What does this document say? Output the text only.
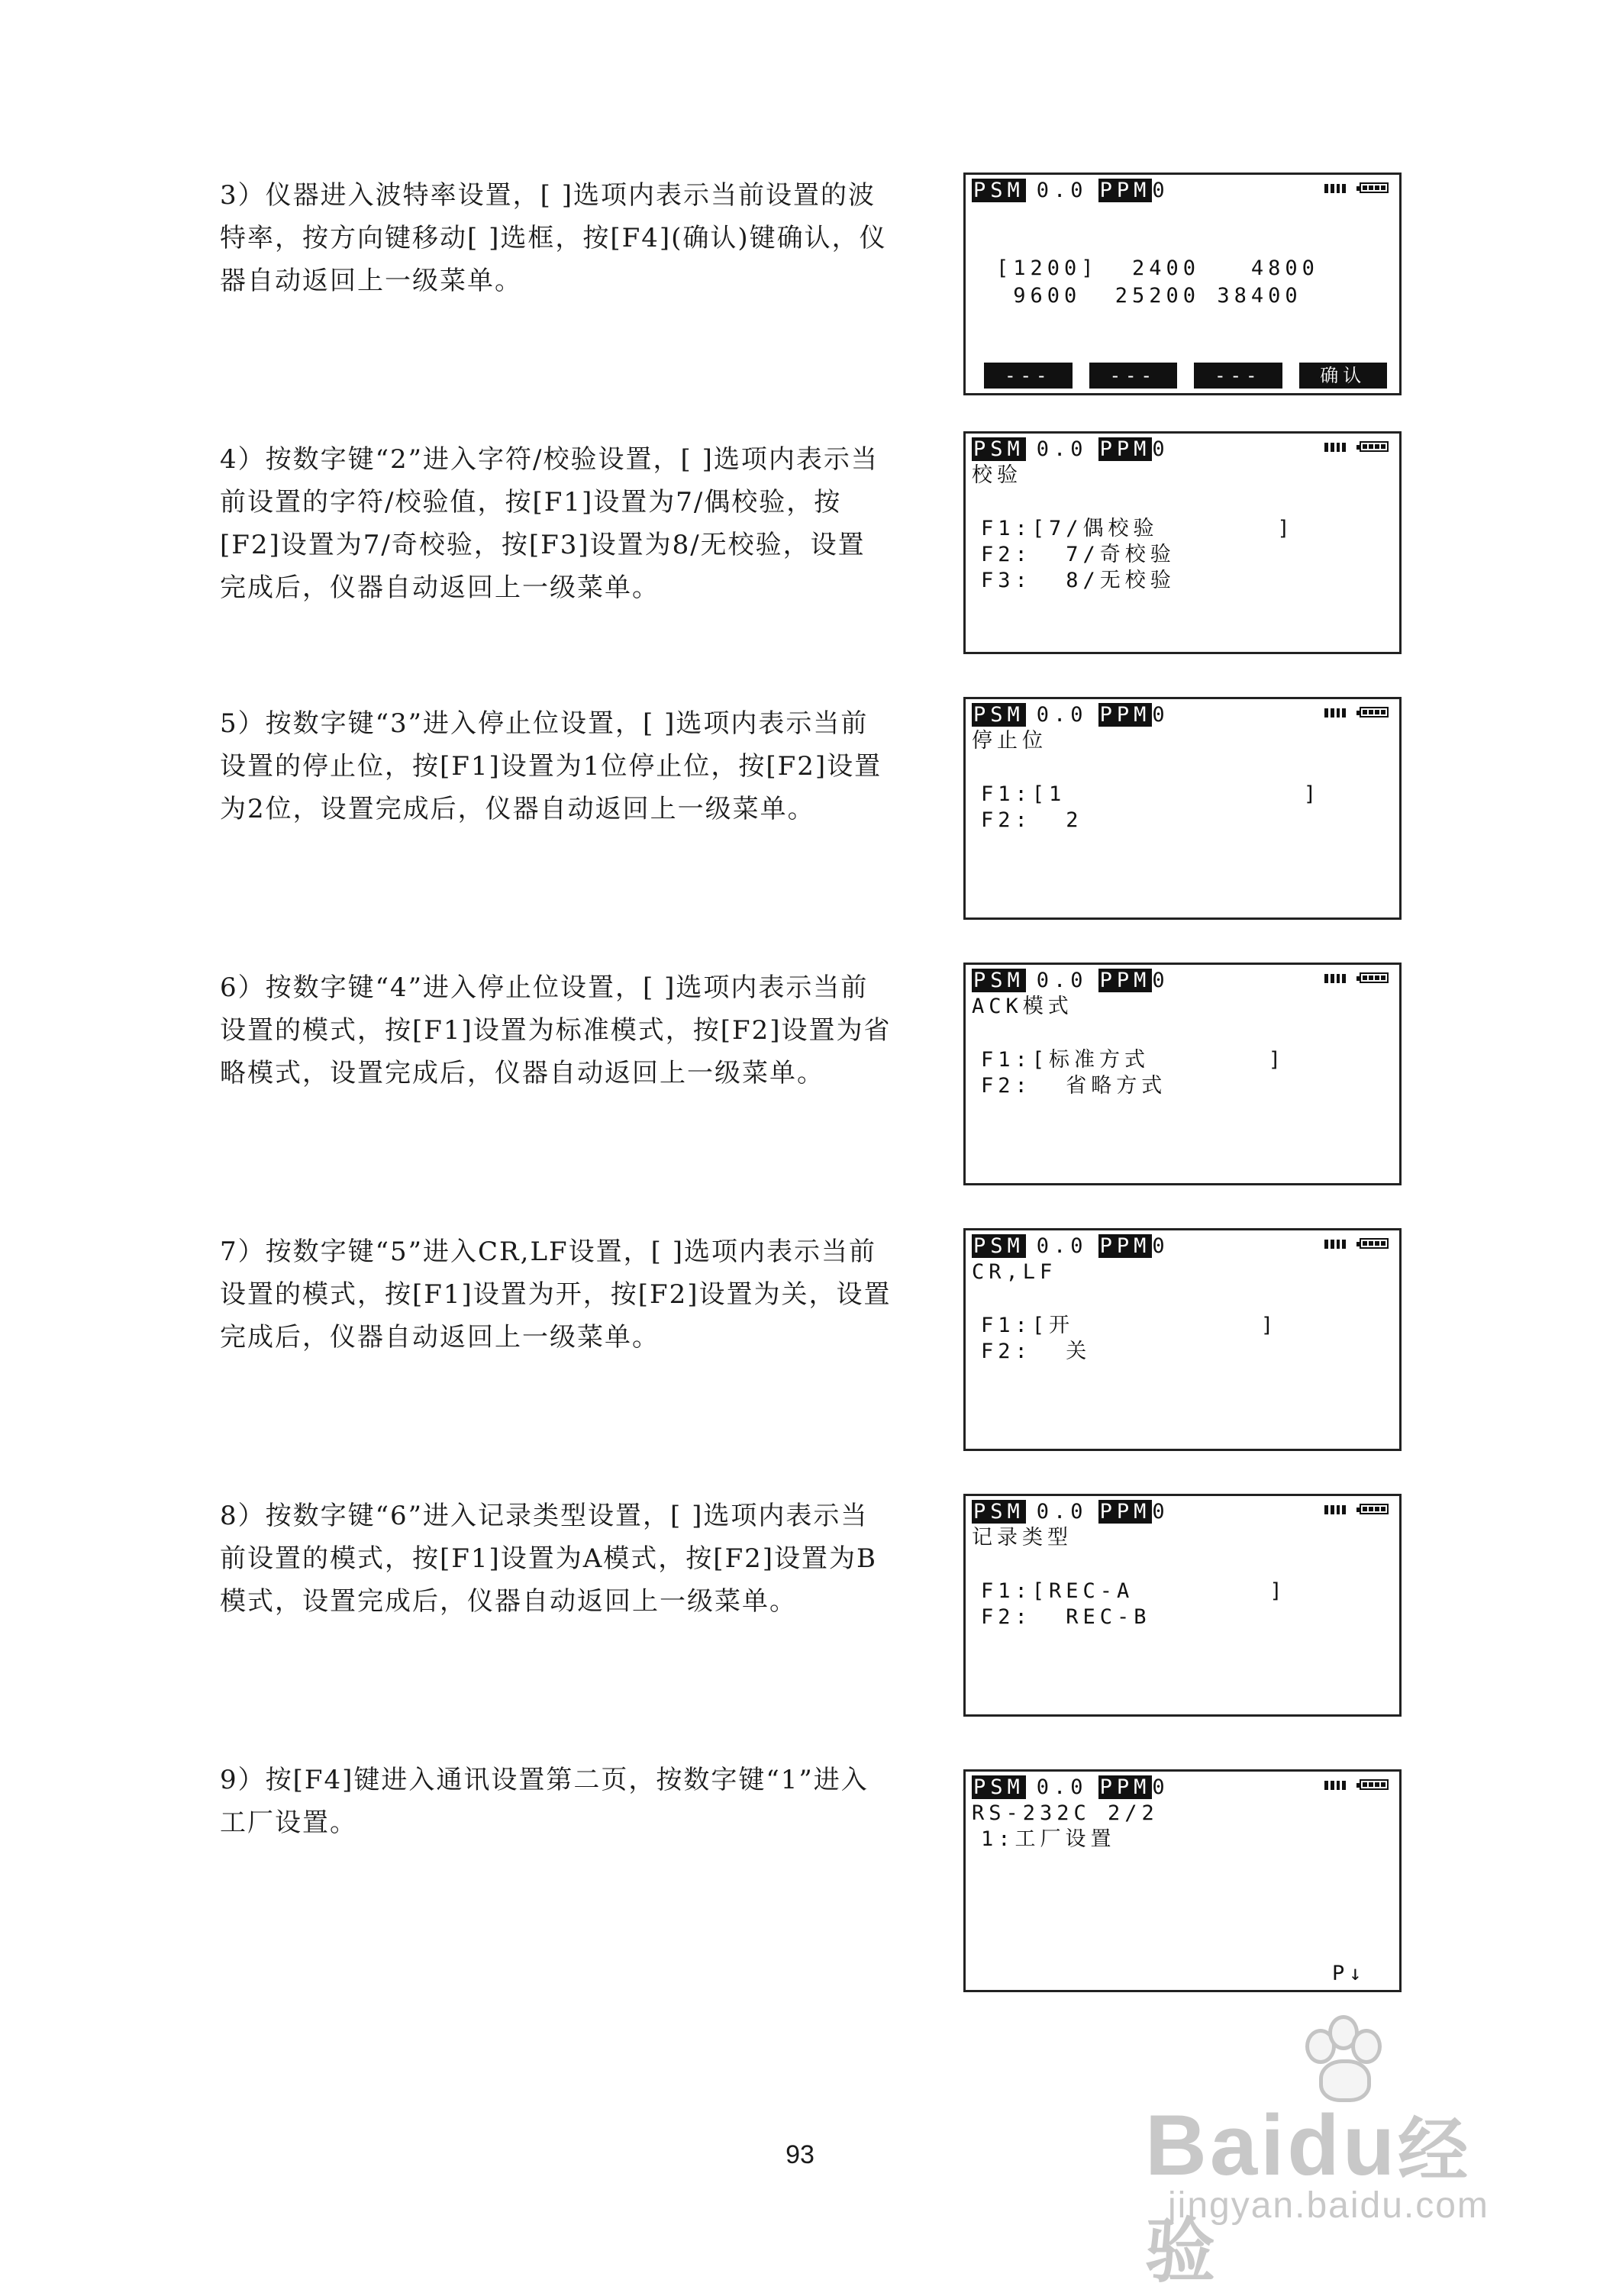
3）仪器进入波特率设置，[ ]选项内表示当前设置的波特率，按方向键移动[ ]选框，按[F4](确认)键确认，仪器自动返回上一级菜单。
4）按数字键“2”进入字符/校验设置，[ ]选项内表示当前设置的字符/校验值，按[F1]设置为7/偶校验，按[F2]设置为7/奇校验，按[F3]设置为8/无校验，设置完成后，仪器自动返回上一级菜单。
5）按数字键“3”进入停止位设置，[ ]选项内表示当前设置的停止位，按[F1]设置为1位停止位，按[F2]设置为2位，设置完成后，仪器自动返回上一级菜单。
6）按数字键“4”进入停止位设置，[ ]选项内表示当前设置的模式，按[F1]设置为标准模式，按[F2]设置为省略模式，设置完成后，仪器自动返回上一级菜单。
7）按数字键“5”进入CR,LF设置，[ ]选项内表示当前设置的模式，按[F1]设置为开，按[F2]设置为关，设置完成后，仪器自动返回上一级菜单。
8）按数字键“6”进入记录类型设置，[ ]选项内表示当前设置的模式，按[F1]设置为A模式，按[F2]设置为B模式，设置完成后，仪器自动返回上一级菜单。
9）按[F4]键进入通讯设置第二页，按数字键“1”进入工厂设置。
PSM 0.0 PPM 0
[1200]  2400   4800
9600  25200 38400
---	---	---	确认
PSM 0.0 PPM 0
校验
F1:[7/偶校验       ]
F2:  7/奇校验
F3:  8/无校验
PSM 0.0 PPM 0
停止位
F1:[1              ]
F2:  2
PSM 0.0 PPM 0
ACK模式
F1:[标准方式       ]
F2:  省略方式
PSM 0.0 PPM 0
CR,LF
F1:[开           ]
F2:  关
PSM 0.0 PPM 0
记录类型
F1:[REC-A        ]
F2:  REC-B
PSM 0.0 PPM 0
RS-232C 2/2
1:工厂设置
P↓
93	Baidu经验
jingyan.baidu.com
